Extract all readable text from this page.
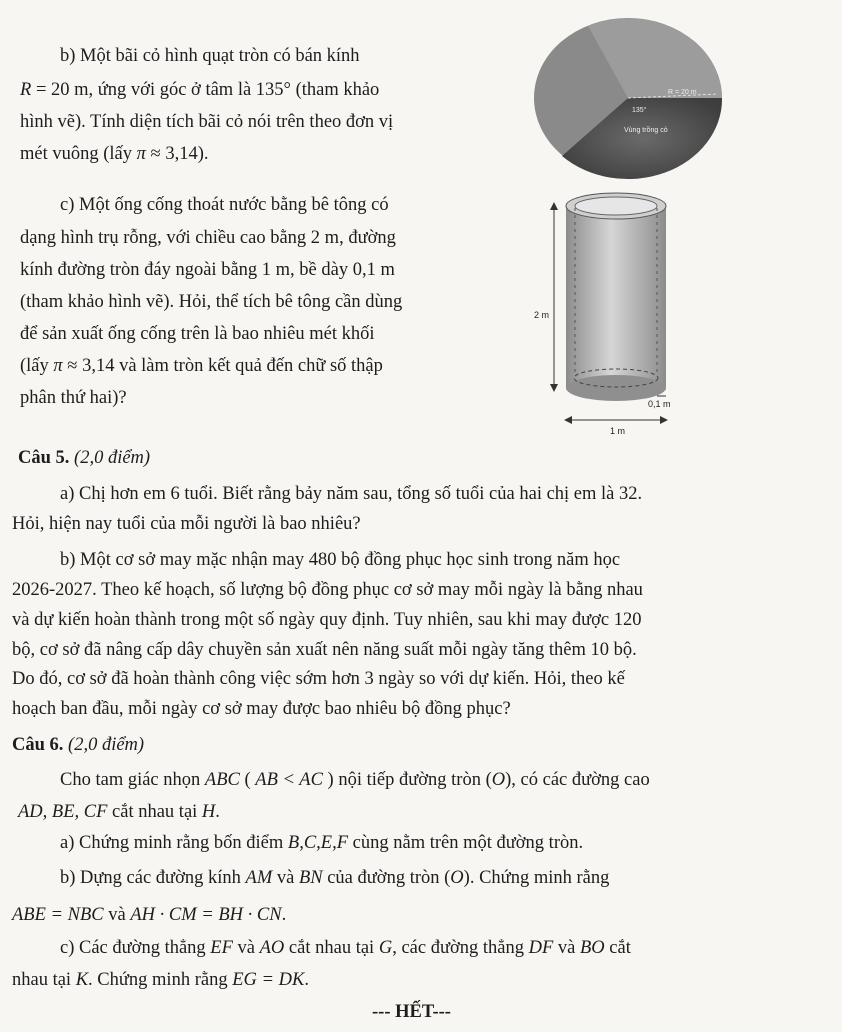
b) Một bãi cỏ hình quạt tròn có bán kính
R = 20 m, ứng với góc ở tâm là 135° (tham khảo
hình vẽ). Tính diện tích bãi cỏ nói trên theo đơn vị
mét vuông (lấy π ≈ 3,14).
R = 20 m
135°
Vùng trồng cỏ
c) Một ống cống thoát nước bằng bê tông có
dạng hình trụ rỗng, với chiều cao bằng 2 m, đường
kính đường tròn đáy ngoài bằng 1 m, bề dày 0,1 m
(tham khảo hình vẽ). Hỏi, thể tích bê tông cần dùng
để sản xuất ống cống trên là bao nhiêu mét khối
(lấy π ≈ 3,14 và làm tròn kết quả đến chữ số thập
phân thứ hai)?
2 m
0,1 m
1 m
Câu 5. (2,0 điểm)
a) Chị hơn em 6 tuổi. Biết rằng bảy năm sau, tổng số tuổi của hai chị em là 32.
Hỏi, hiện nay tuổi của mỗi người là bao nhiêu?
b) Một cơ sở may mặc nhận may 480 bộ đồng phục học sinh trong năm học
2026-2027. Theo kế hoạch, số lượng bộ đồng phục cơ sở may mỗi ngày là bằng nhau
và dự kiến hoàn thành trong một số ngày quy định. Tuy nhiên, sau khi may được 120
bộ, cơ sở đã nâng cấp dây chuyền sản xuất nên năng suất mỗi ngày tăng thêm 10 bộ.
Do đó, cơ sở đã hoàn thành công việc sớm hơn 3 ngày so với dự kiến. Hỏi, theo kế
hoạch ban đầu, mỗi ngày cơ sở may được bao nhiêu bộ đồng phục?
Câu 6. (2,0 điểm)
Cho tam giác nhọn ABC ( AB < AC ) nội tiếp đường tròn (O), có các đường cao
AD, BE, CF cắt nhau tại H.
a) Chứng minh rằng bốn điểm B,C,E,F cùng nằm trên một đường tròn.
b) Dựng các đường kính AM và BN của đường tròn (O). Chứng minh rằng
ABE = NBC và AH · CM = BH · CN.
c) Các đường thẳng EF và AO cắt nhau tại G, các đường thẳng DF và BO cắt
nhau tại K. Chứng minh rằng EG = DK.
--- HẾT---
